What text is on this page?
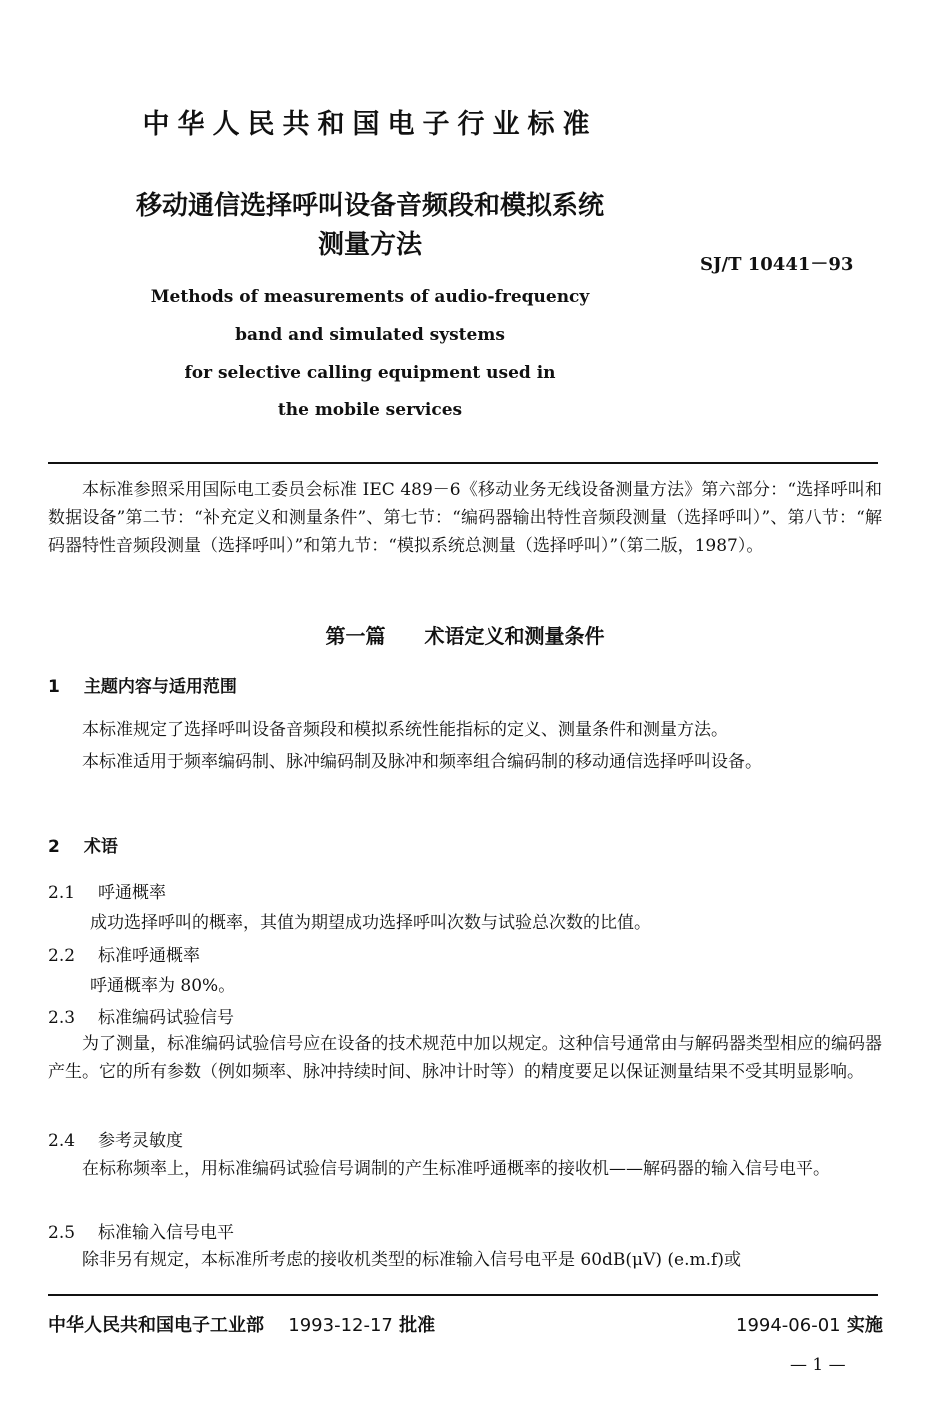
中华人民共和国电子行业标准
移动通信选择呼叫设备音频段和模拟系统
测量方法
SJ/T 10441－93
Methods of measurements of audio-frequency
band and simulated systems
for selective calling equipment used in
the mobile services
本标准参照采用国际电工委员会标准 IEC 489－6《移动业务无线设备测量方法》第六部分：“选择呼叫和数据设备”第二节：“补充定义和测量条件”、第七节：“编码器输出特性音频段测量（选择呼叫）”、第八节：“解码器特性音频段测量（选择呼叫）”和第九节：“模拟系统总测量（选择呼叫）”（第二版，1987）。
第一篇 术语定义和测量条件
1 主题内容与适用范围
本标准规定了选择呼叫设备音频段和模拟系统性能指标的定义、测量条件和测量方法。
本标准适用于频率编码制、脉冲编码制及脉冲和频率组合编码制的移动通信选择呼叫设备。
2 术语
2.1 呼通概率
成功选择呼叫的概率，其值为期望成功选择呼叫次数与试验总次数的比值。
2.2 标准呼通概率
呼通概率为 80%。
2.3 标准编码试验信号
为了测量，标准编码试验信号应在设备的技术规范中加以规定。这种信号通常由与解码器类型相应的编码器产生。它的所有参数（例如频率、脉冲持续时间、脉冲计时等）的精度要足以保证测量结果不受其明显影响。
2.4 参考灵敏度
在标称频率上，用标准编码试验信号调制的产生标准呼通概率的接收机——解码器的输入信号电平。
2.5 标准输入信号电平
除非另有规定，本标准所考虑的接收机类型的标准输入信号电平是 60dB(μV) (e.m.f)或
中华人民共和国电子工业部 1993-12-17 批准	1994-06-01 实施
— 1 —
